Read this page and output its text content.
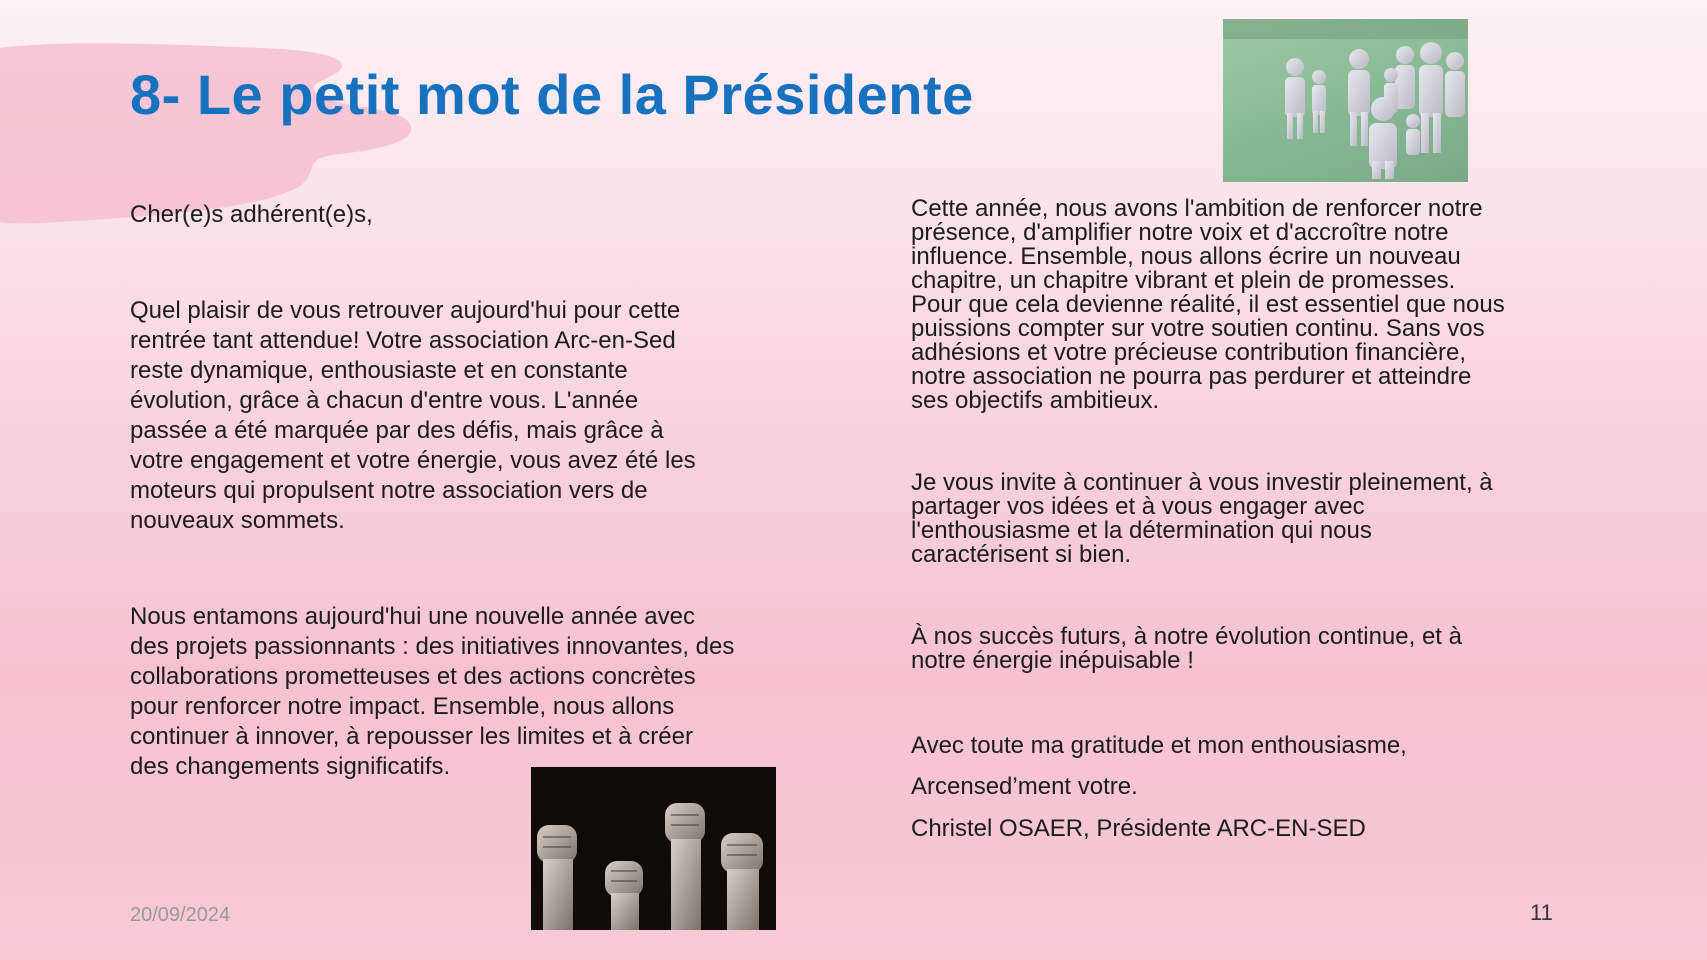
8- Le petit mot de la Présidente

Cher(e)s adhérent(e)s,

Quel plaisir de vous retrouver aujourd'hui pour cette
rentrée tant attendue! Votre association Arc-en-Sed
reste dynamique, enthousiaste et en constante
évolution, grâce à chacun d'entre vous. L'année
passée a été marquée par des défis, mais grâce à
votre engagement et votre énergie, vous avez été les
moteurs qui propulsent notre association vers de
nouveaux sommets.

Nous entamons aujourd'hui une nouvelle année avec
des projets passionnants : des initiatives innovantes, des
collaborations prometteuses et des actions concrètes
pour renforcer notre impact. Ensemble, nous allons
continuer à innover, à repousser les limites et à créer
des changements significatifs.

Cette année, nous avons l'ambition de renforcer notre
présence, d'amplifier notre voix et d'accroître notre
influence. Ensemble, nous allons écrire un nouveau
chapitre, un chapitre vibrant et plein de promesses.
Pour que cela devienne réalité, il est essentiel que nous
puissions compter sur votre soutien continu. Sans vos
adhésions et votre précieuse contribution financière,
notre association ne pourra pas perdurer et atteindre
ses objectifs ambitieux.

Je vous invite à continuer à vous investir pleinement, à
partager vos idées et à vous engager avec
l'enthousiasme et la détermination qui nous
caractérisent si bien.

À nos succès futurs, à notre évolution continue, et à
notre énergie inépuisable !

Avec toute ma gratitude et mon enthousiasme,

Arcensed’ment votre.

Christel OSAER, Présidente ARC-EN-SED

20/09/2024	11
